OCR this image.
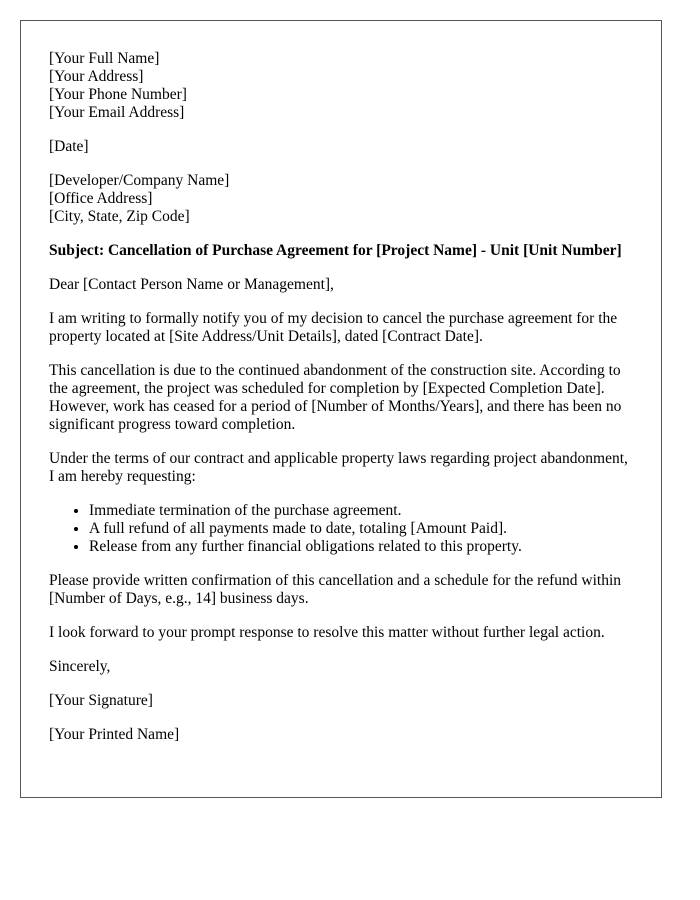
[Your Full Name]
[Your Address]
[Your Phone Number]
[Your Email Address]
[Date]
[Developer/Company Name]
[Office Address]
[City, State, Zip Code]
Subject: Cancellation of Purchase Agreement for [Project Name] - Unit [Unit Number]

Dear [Contact Person Name or Management],

I am writing to formally notify you of my decision to cancel the purchase agreement for the property located at [Site Address/Unit Details], dated [Contract Date].

This cancellation is due to the continued abandonment of the construction site. According to the agreement, the project was scheduled for completion by [Expected Completion Date]. However, work has ceased for a period of [Number of Months/Years], and there has been no significant progress toward completion.

Under the terms of our contract and applicable property laws regarding project abandonment, I am hereby requesting:

• Immediate termination of the purchase agreement.
• A full refund of all payments made to date, totaling [Amount Paid].
• Release from any further financial obligations related to this property.

Please provide written confirmation of this cancellation and a schedule for the refund within [Number of Days, e.g., 14] business days.

I look forward to your prompt response to resolve this matter without further legal action.

Sincerely,

[Your Signature]

[Your Printed Name]
